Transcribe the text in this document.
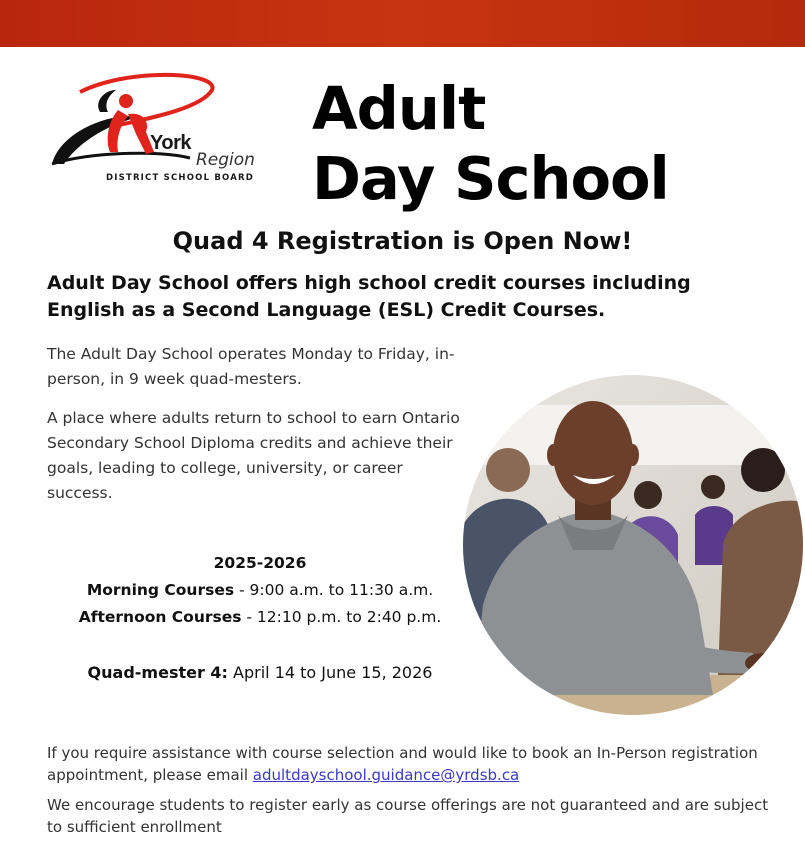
York
Region
DISTRICT SCHOOL BOARD
Adult
Day School
Quad 4 Registration is Open Now!
Adult Day School offers high school credit courses including English as a Second Language (ESL) Credit Courses.
The Adult Day School operates Monday to Friday, in-person, in 9 week quad-mesters.
A place where adults return to school to earn Ontario Secondary School Diploma credits and achieve their goals, leading to college, university, or career success.
2025-2026
Morning Courses - 9:00 a.m. to 11:30 a.m.
Afternoon Courses - 12:10 p.m. to 2:40 p.m.
Quad-mester 4: April 14 to June 15, 2026
If you require assistance with course selection and would like to book an In-Person registration appointment, please email adultdayschool.guidance@yrdsb.ca
We encourage students to register early as course offerings are not guaranteed and are subject to sufficient enrollment
